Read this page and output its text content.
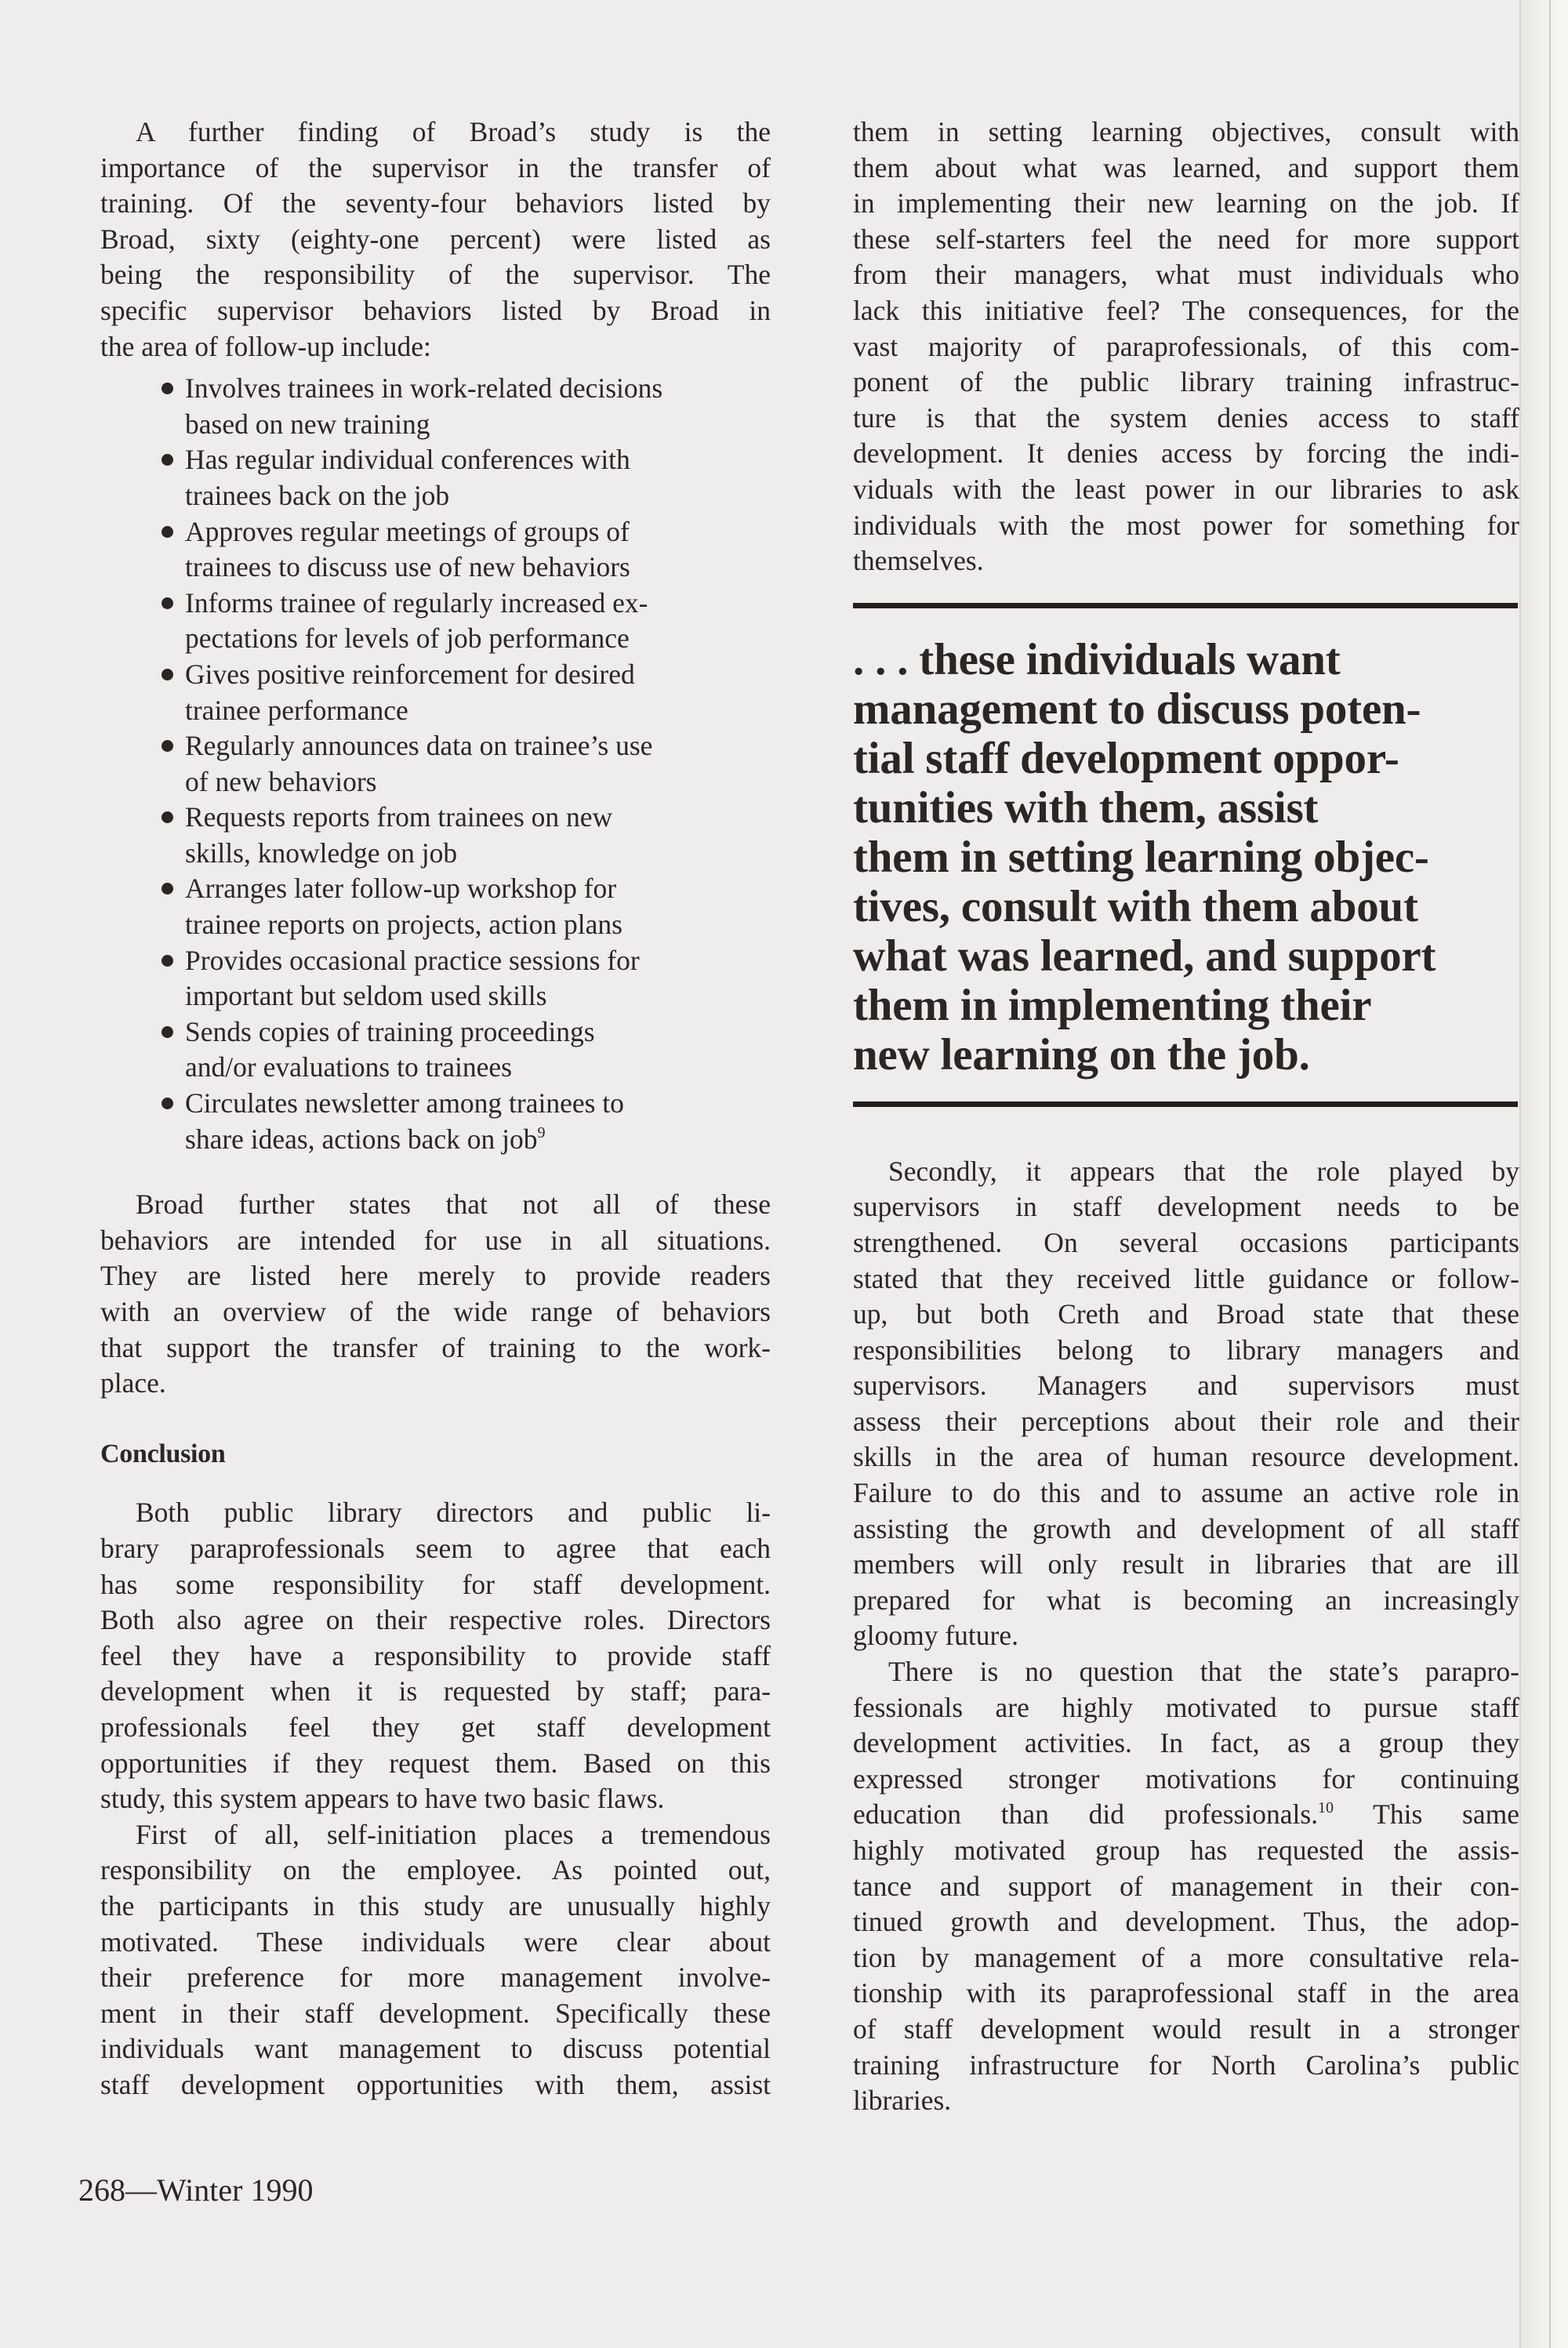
A further finding of Broad’s study is the
importance of the supervisor in the transfer of
training. Of the seventy-four behaviors listed by
Broad, sixty (eighty-one percent) were listed as
being the responsibility of the supervisor. The
specific supervisor behaviors listed by Broad in
the area of follow-up include:
Involves trainees in work-related decisions
based on new training
Has regular individual conferences with
trainees back on the job
Approves regular meetings of groups of
trainees to discuss use of new behaviors
Informs trainee of regularly increased ex-
pectations for levels of job performance
Gives positive reinforcement for desired
trainee performance
Regularly announces data on trainee’s use
of new behaviors
Requests reports from trainees on new
skills, knowledge on job
Arranges later follow-up workshop for
trainee reports on projects, action plans
Provides occasional practice sessions for
important but seldom used skills
Sends copies of training proceedings
and/or evaluations to trainees
Circulates newsletter among trainees to
share ideas, actions back on job$^9$
Broad further states that not all of these
behaviors are intended for use in all situations.
They are listed here merely to provide readers
with an overview of the wide range of behaviors
that support the transfer of training to the work-
place.
Conclusion
Both public library directors and public li-
brary paraprofessionals seem to agree that each
has some responsibility for staff development.
Both also agree on their respective roles. Directors
feel they have a responsibility to provide staff
development when it is requested by staff; para-
professionals feel they get staff development
opportunities if they request them. Based on this
study, this system appears to have two basic flaws.
First of all, self-initiation places a tremendous
responsibility on the employee. As pointed out,
the participants in this study are unusually highly
motivated. These individuals were clear about
their preference for more management involve-
ment in their staff development. Specifically these
individuals want management to discuss potential
staff development opportunities with them, assist
them in setting learning objectives, consult with
them about what was learned, and support them
in implementing their new learning on the job. If
these self-starters feel the need for more support
from their managers, what must individuals who
lack this initiative feel? The consequences, for the
vast majority of paraprofessionals, of this com-
ponent of the public library training infrastruc-
ture is that the system denies access to staff
development. It denies access by forcing the indi-
viduals with the least power in our libraries to ask
individuals with the most power for something for
themselves.
. . . these individuals want
management to discuss poten-
tial staff development oppor-
tunities with them, assist
them in setting learning objec-
tives, consult with them about
what was learned, and support
them in implementing their
new learning on the job.
Secondly, it appears that the role played by
supervisors in staff development needs to be
strengthened. On several occasions participants
stated that they received little guidance or follow-
up, but both Creth and Broad state that these
responsibilities belong to library managers and
supervisors. Managers and supervisors must
assess their perceptions about their role and their
skills in the area of human resource development.
Failure to do this and to assume an active role in
assisting the growth and development of all staff
members will only result in libraries that are ill
prepared for what is becoming an increasingly
gloomy future.
There is no question that the state’s parapro-
fessionals are highly motivated to pursue staff
development activities. In fact, as a group they
expressed stronger motivations for continuing
education than did professionals.$^{10}$ This same
highly motivated group has requested the assis-
tance and support of management in their con-
tinued growth and development. Thus, the adop-
tion by management of a more consultative rela-
tionship with its paraprofessional staff in the area
of staff development would result in a stronger
training infrastructure for North Carolina’s public
libraries.
268—Winter 1990
